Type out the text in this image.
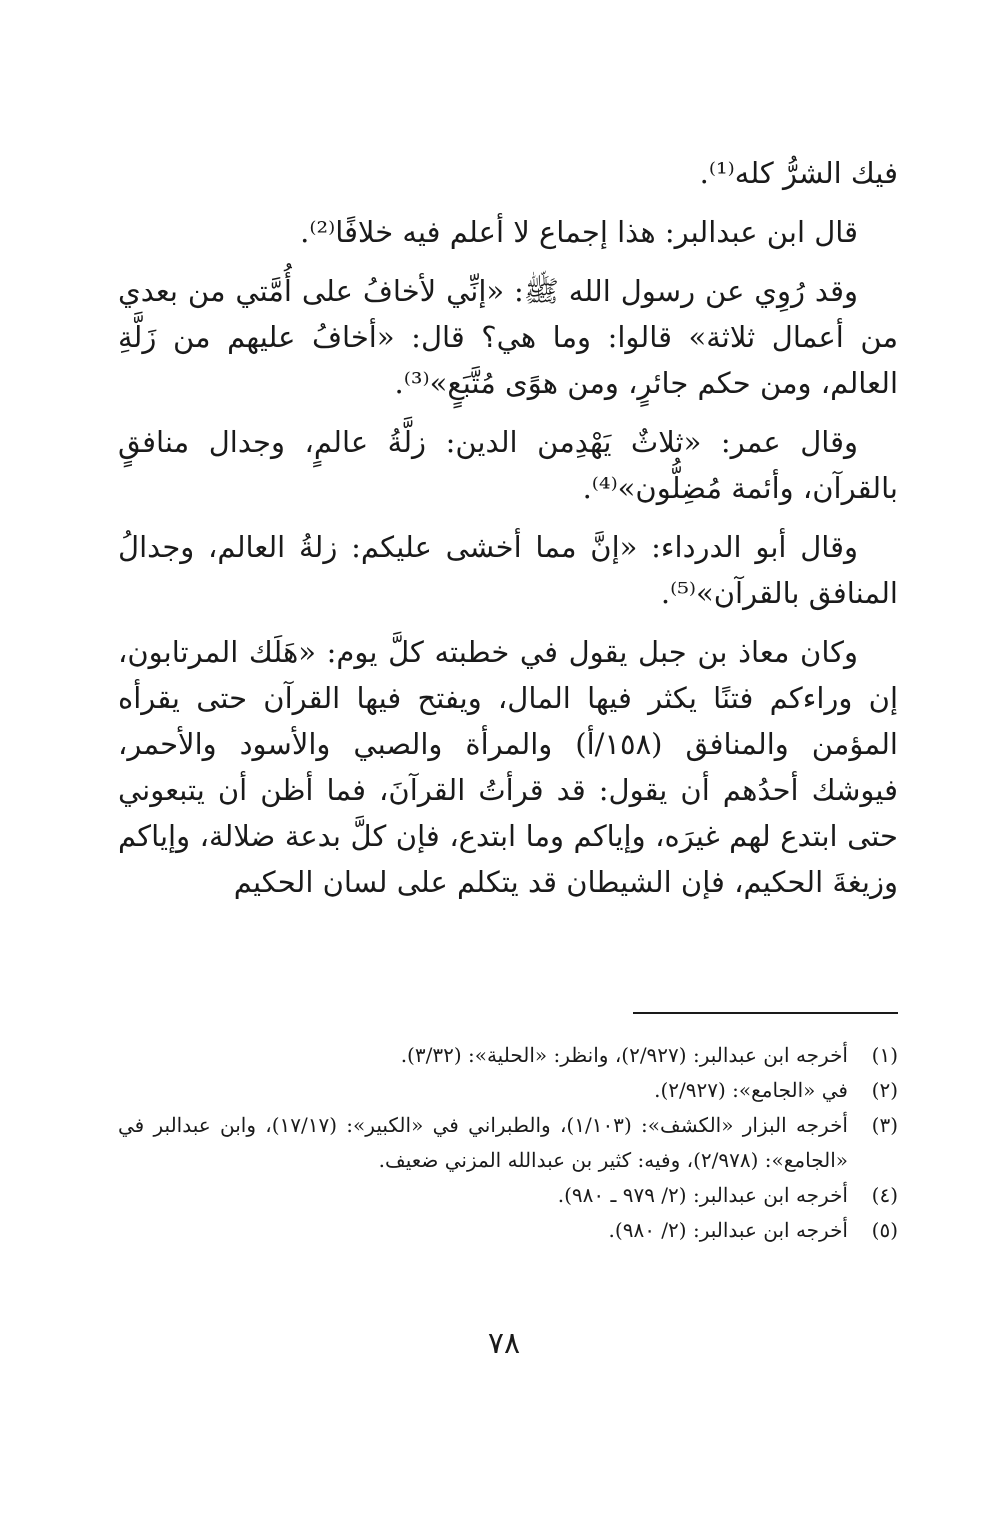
فيك الشرُّ كله⁽¹⁾.

قال ابن عبدالبر: هذا إجماع لا أعلم فيه خلافًا⁽²⁾.

وقد رُوِي عن رسول الله ﷺ: «إنِّي لأخافُ على أُمَّتي من بعدي من أعمال ثلاثة» قالوا: وما هي؟ قال: «أخافُ عليهم من زَلَّةِ العالم، ومن حكم جائرٍ، ومن هوًى مُتَّبَعٍ»⁽³⁾.

وقال عمر: «ثلاثٌ يَهْدِمن الدين: زلَّةُ عالمٍ، وجدال منافقٍ بالقرآن، وأئمة مُضِلُّون»⁽⁴⁾.

وقال أبو الدرداء: «إنَّ مما أخشى عليكم: زلةُ العالم، وجدالُ المنافق بالقرآن»⁽⁵⁾.

وكان معاذ بن جبل يقول في خطبته كلَّ يوم: «هَلَك المرتابون، إن وراءكم فتنًا يكثر فيها المال، ويفتح فيها القرآن حتى يقرأه المؤمن والمنافق (١٥٨/أ) والمرأة والصبي والأسود والأحمر، فيوشك أحدُهم أن يقول: قد قرأتُ القرآنَ، فما أظن أن يتبعوني حتى ابتدع لهم غيرَه، وإياكم وما ابتدع، فإن كلَّ بدعة ضلالة، وإياكم وزيغةَ الحكيم، فإن الشيطان قد يتكلم على لسان الحكيم

(١)
أخرجه ابن عبدالبر: (٢/٩٢٧)، وانظر: «الحلية»: (٣/٣٢).
(٢)
في «الجامع»: (٢/٩٢٧).
(٣)
أخرجه البزار «الكشف»: (١/١٠٣)، والطبراني في «الكبير»: (١٧/١٧)، وابن عبدالبر في «الجامع»: (٢/٩٧٨)، وفيه: كثير بن عبدالله المزني ضعيف.
(٤)
أخرجه ابن عبدالبر: (٢/ ٩٧٩ ـ ٩٨٠).
(٥)
أخرجه ابن عبدالبر: (٢/ ٩٨٠).
٧٨
